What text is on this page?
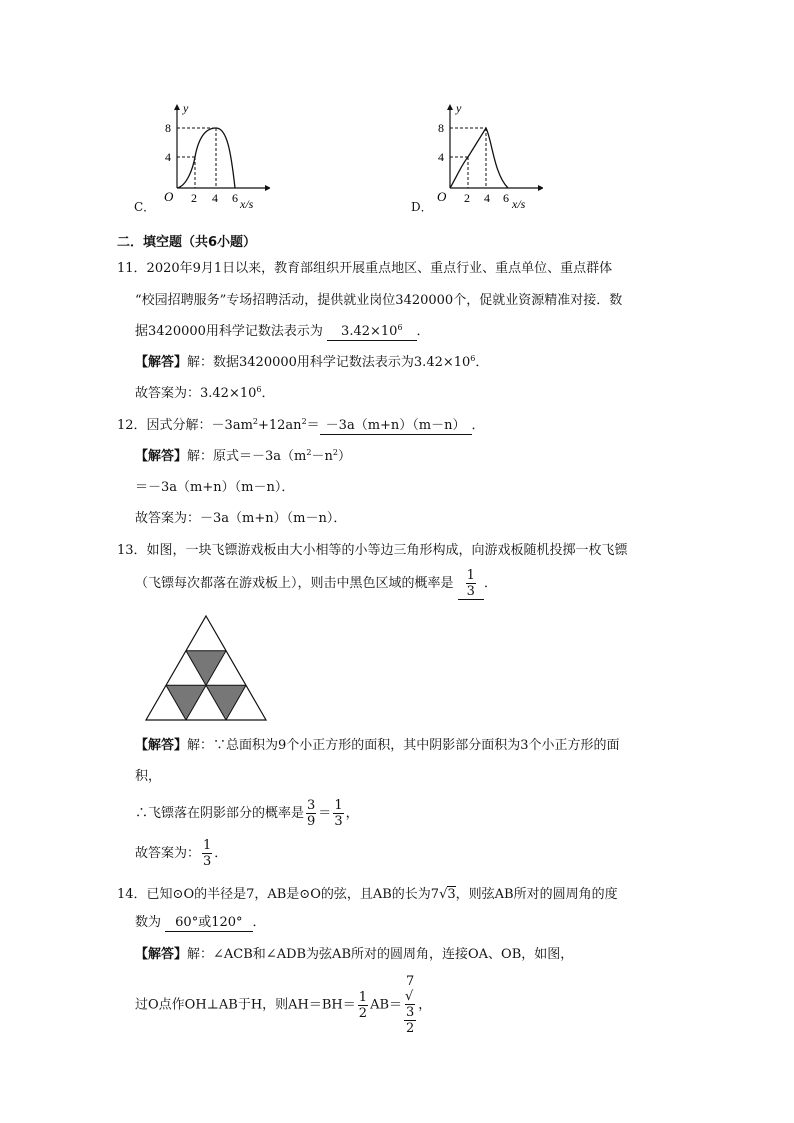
C．
y
8
4
O 2 4 6 x/s	D．
y
8
4
O 2 4 6 x/s
二．填空题（共6小题）
11．2020年9月1日以来，教育部组织开展重点地区、重点行业、重点单位、重点群体
“校园招聘服务”专场招聘活动，提供就业岗位3420000个，促就业资源精准对接．数
据3420000用科学记数法表示为 $3.42\times 10^6$ ．
【解答】解：数据3420000用科学记数法表示为$3.42\times 10^6$．
故答案为：$3.42\times 10^6$．
12．因式分解：$-3am^2+12an^2= -3a(m+n)(m-n)$ ．
【解答】解：原式$=-3a(m^2-n^2)$
＝－3a（m+n）（m－n）．
故答案为：－3a（m+n）（m－n）．
13．如图，一块飞镖游戏板由大小相等的小等边三角形构成，向游戏板随机投掷一枚飞镖
（飞镖每次都落在游戏板上），则击中黑色区域的概率是 $\frac{1}{3}$ ．
【解答】解：∵总面积为9个小正方形的面积，其中阴影部分面积为3个小正方形的面
积，
∴飞镖落在阴影部分的概率是 $\frac{3}{9} = \frac{1}{3}$ ，
故答案为： $\frac{1}{3}$ ．
14．已知⊙O的半径是7，AB是⊙O的弦，且AB的长为7√3，则弦AB所对的圆周角的度
数为 60°或120° ．
【解答】解：∠ACB和∠ADB为弦AB所对的圆周角，连接OA、OB，如图，
过O点作OH⊥AB于H，则$AH=BH= \frac{1}{2} AB= 7$
√
3
2 ，
